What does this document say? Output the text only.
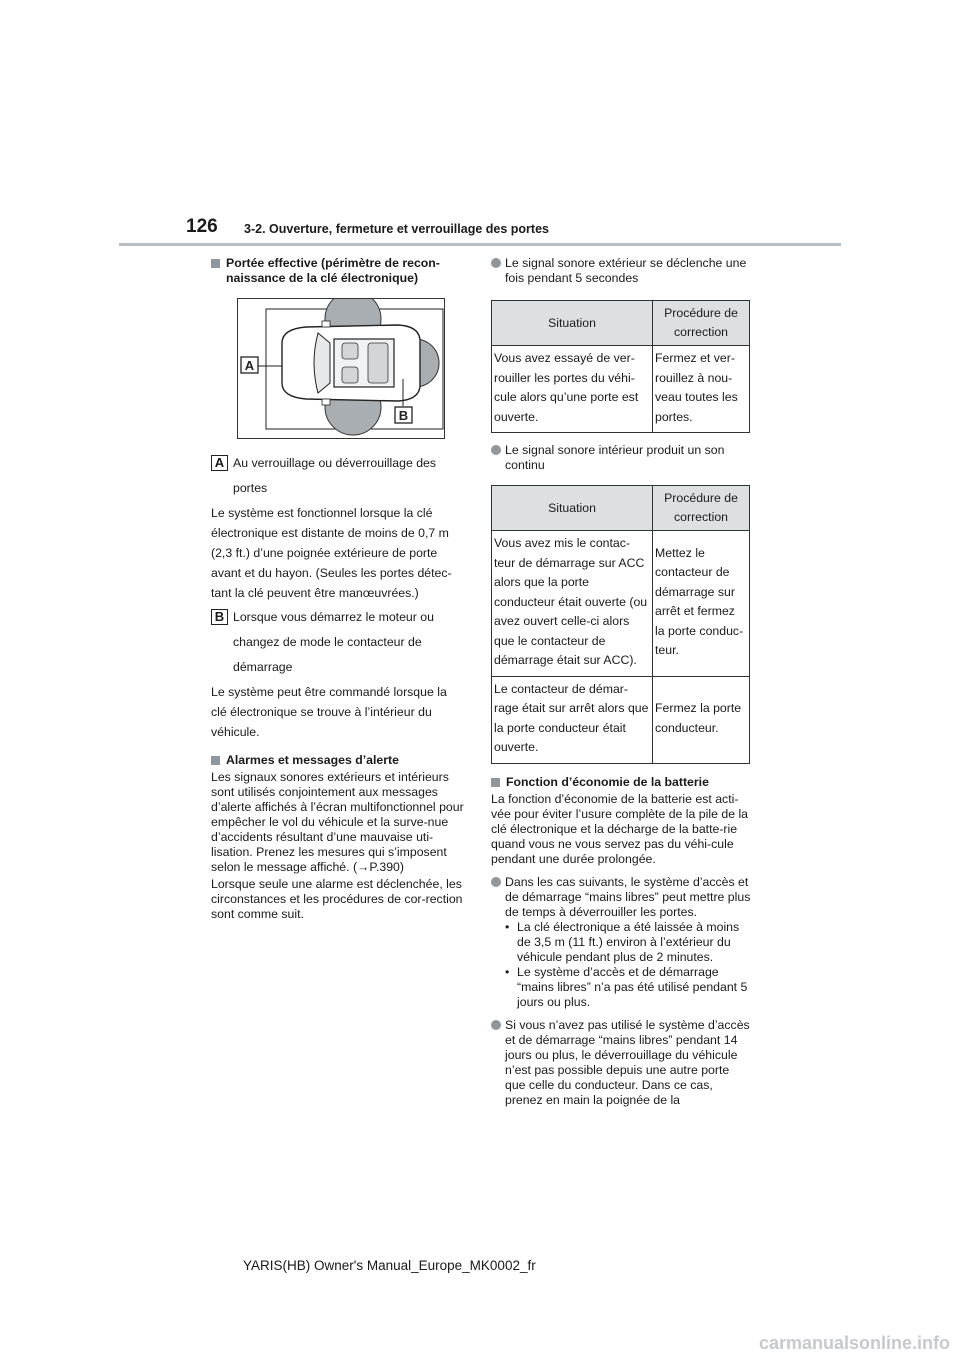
126 3-2. Ouverture, fermeture et verrouillage des portes

Portée effective (périmètre de recon-naissance de la clé électronique)

A
B

A Au verrouillage ou déverrouillage des

portes

Le système est fonctionnel lorsque la clé

électronique est distante de moins de 0,7 m

(2,3 ft.) d’une poignée extérieure de porte

avant et du hayon. (Seules les portes détec-

tant la clé peuvent être manœuvrées.)

B Lorsque vous démarrez le moteur ou

changez de mode le contacteur de

démarrage

Le système peut être commandé lorsque la

clé électronique se trouve à l’intérieur du

véhicule.

Alarmes et messages d’alerte

Les signaux sonores extérieurs et intérieurs sont utilisés conjointement aux messages d’alerte affichés à l’écran multifonctionnel pour empêcher le vol du véhicule et la surve-nue d’accidents résultant d’une mauvaise uti-lisation. Prenez les mesures qui s’imposent selon le message affiché. (→P.390)

Lorsque seule une alarme est déclenchée, les circonstances et les procédures de cor-rection sont comme suit.

Le signal sonore extérieur se déclenche une fois pendant 5 secondes

Situation	Procédure de correction
Vous avez essayé de ver-rouiller les portes du véhi-cule alors qu’une porte est ouverte.	Fermez et ver-rouillez à nou-veau toutes les portes.

Le signal sonore intérieur produit un son continu

Situation	Procédure de correction
Vous avez mis le contac-teur de démarrage sur ACC alors que la porte conducteur était ouverte (ou avez ouvert celle-ci alors que le contacteur de démarrage était sur ACC).	Mettez le contacteur de démarrage sur arrêt et fermez la porte conduc-teur.
Le contacteur de démar-rage était sur arrêt alors que la porte conducteur était ouverte.	Fermez la porte conducteur.

Fonction d’économie de la batterie

La fonction d’économie de la batterie est acti-vée pour éviter l’usure complète de la pile de la clé électronique et la décharge de la batte-rie quand vous ne vous servez pas du véhi-cule pendant une durée prolongée.

Dans les cas suivants, le système d’accès et de démarrage “mains libres” peut mettre plus de temps à déverrouiller les portes.

• La clé électronique a été laissée à moins de 3,5 m (11 ft.) environ à l’extérieur du véhicule pendant plus de 2 minutes.

• Le système d’accès et de démarrage “mains libres” n’a pas été utilisé pendant 5 jours ou plus.

Si vous n’avez pas utilisé le système d’accès et de démarrage “mains libres” pendant 14 jours ou plus, le déverrouillage du véhicule n’est pas possible depuis une autre porte que celle du conducteur. Dans ce cas, prenez en main la poignée de la

YARIS(HB) Owner's Manual_Europe_MK0002_fr
carmanualsonline.info
